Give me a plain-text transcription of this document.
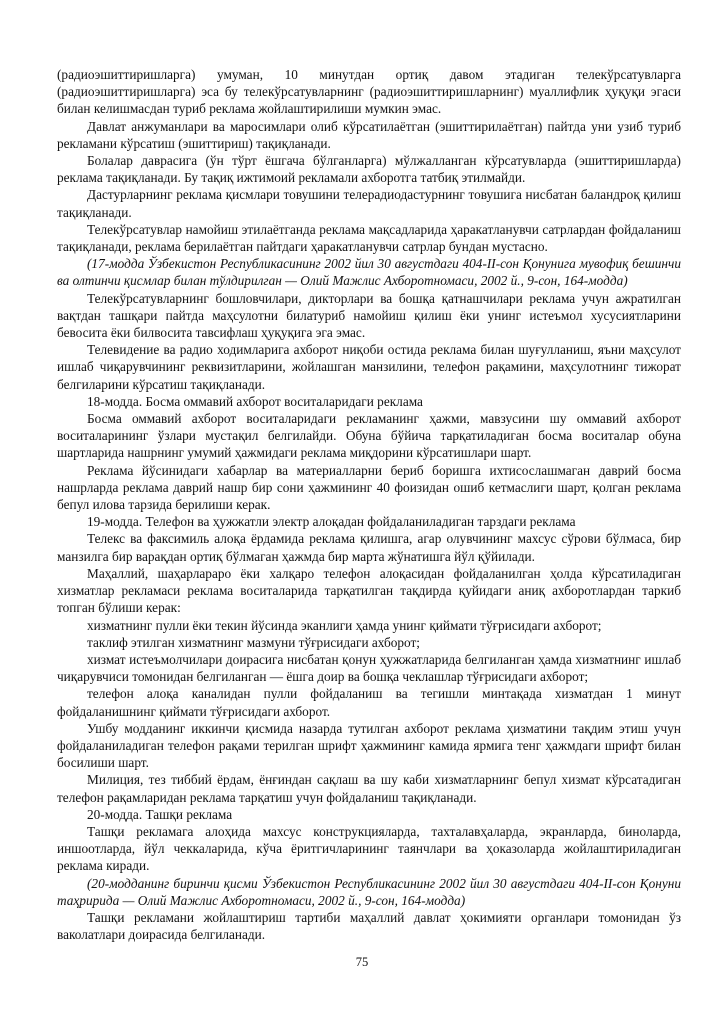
(радиоэшиттиришларга) умуман, 10 минутдан ортиқ давом этадиган телекўрсатувларга (радиоэшиттиришларга) эса бу телекўрсатувларнинг (радиоэшиттиришларнинг) муаллифлик ҳуқуқи эгаси билан келишмасдан туриб реклама жойлаштирилиши мумкин эмас.

Давлат анжуманлари ва маросимлари олиб кўрсатилаётган (эшиттирилаётган) пайтда уни узиб туриб рекламани кўрсатиш (эшиттириш) тақиқланади.

Болалар даврасига (ўн тўрт ёшгача бўлганларга) мўлжалланган кўрсатувларда (эшиттиришларда) реклама тақиқланади. Бу тақиқ ижтимоий рекламали ахборотга татбиқ этилмайди.

Дастурларнинг реклама қисмлари товушини телерадиодастурнинг товушига нисбатан баландроқ қилиш тақиқланади.

Телекўрсатувлар намойиш этилаётганда реклама мақсадларида ҳаракатланувчи сатрлардан фойдаланиш тақиқланади, реклама берилаётган пайтдаги ҳаракатланувчи сатрлар бундан мустасно.

(17-модда Ўзбекистон Республикасининг 2002 йил 30 августдаги 404-II-сон Қонунига мувофиқ бешинчи ва олтинчи қисмлар билан тўлдирилган — Олий Мажлис Ахборотномаси, 2002 й., 9-сон, 164-модда)

Телекўрсатувларнинг бошловчилари, дикторлари ва бошқа қатнашчилари реклама учун ажратилган вақтдан ташқари пайтда маҳсулотни билатуриб намойиш қилиш ёки унинг истеъмол хусусиятларини бевосита ёки билвосита тавсифлаш ҳуқуқига эга эмас.

Телевидение ва радио ходимларига ахборот ниқоби остида реклама билан шуғулланиш, яъни маҳсулот ишлаб чиқарувчининг реквизитларини, жойлашган манзилини, телефон рақамини, маҳсулотнинг тижорат белгиларини кўрсатиш тақиқланади.

18-модда. Босма оммавий ахборот воситаларидаги реклама

Босма оммавий ахборот воситаларидаги рекламанинг ҳажми, мавзусини шу оммавий ахборот воситаларининг ўзлари мустақил белгилайди. Обуна бўйича тарқатиладиган босма воситалар обуна шартларида нашрнинг умумий ҳажмидаги реклама миқдорини кўрсатишлари шарт.

Реклама йўсинидаги хабарлар ва материалларни бериб боришга ихтисослашмаган даврий босма нашрларда реклама даврий нашр бир сони ҳажмининг 40 фоизидан ошиб кетмаслиги шарт, қолган реклама бепул илова тарзида берилиши керак.

19-модда. Телефон ва ҳужжатли электр алоқадан фойдаланиладиган тарздаги реклама

Телекс ва факсимиль алоқа ёрдамида реклама қилишга, агар олувчининг махсус сўрови бўлмаса, бир манзилга бир варақдан ортиқ бўлмаган ҳажмда бир марта жўнатишга йўл қўйилади.

Маҳаллий, шаҳарлараро ёки халқаро телефон алоқасидан фойдаланилган ҳолда кўрсатиладиган хизматлар рекламаси реклама воситаларида тарқатилган тақдирда қуйидаги аниқ ахборотлардан таркиб топган бўлиши керак:

хизматнинг пулли ёки текин йўсинда эканлиги ҳамда унинг қиймати тўғрисидаги ахборот;

таклиф этилган хизматнинг мазмуни тўғрисидаги ахборот;

хизмат истеъмолчилари доирасига нисбатан қонун ҳужжатларида белгиланган ҳамда хизматнинг ишлаб чиқарувчиси томонидан белгиланган — ёшга доир ва бошқа чеклашлар тўғрисидаги ахборот;

телефон алоқа каналидан пулли фойдаланиш ва тегишли минтақада хизматдан 1 минут фойдаланишнинг қиймати тўғрисидаги ахборот.

Ушбу модданинг иккинчи қисмида назарда тутилган ахборот реклама ҳизматини тақдим этиш учун фойдаланиладиган телефон рақами терилган шрифт ҳажмининг камида ярмига тенг ҳажмдаги шрифт билан босилиши шарт.

Милиция, тез тиббий ёрдам, ёнғиндан сақлаш ва шу каби хизматларнинг бепул хизмат кўрсатадиган телефон рақамларидан реклама тарқатиш учун фойдаланиш тақиқланади.

20-модда. Ташқи реклама

Ташқи рекламага алоҳида махсус конструкцияларда, тахталавҳаларда, экранларда, биноларда, иншоотларда, йўл чеккаларида, кўча ёритгичларининг таянчлари ва ҳоказоларда жойлаштириладиган реклама киради.

(20-модданинг биринчи қисми Ўзбекистон Республикасининг 2002 йил 30 августдаги 404-II-сон Қонуни таҳририда — Олий Мажлис Ахборотномаси, 2002 й., 9-сон, 164-модда)

Ташқи рекламани жойлаштириш тартиби маҳаллий давлат ҳокимияти органлари томонидан ўз ваколатлари доирасида белгиланади.

75
